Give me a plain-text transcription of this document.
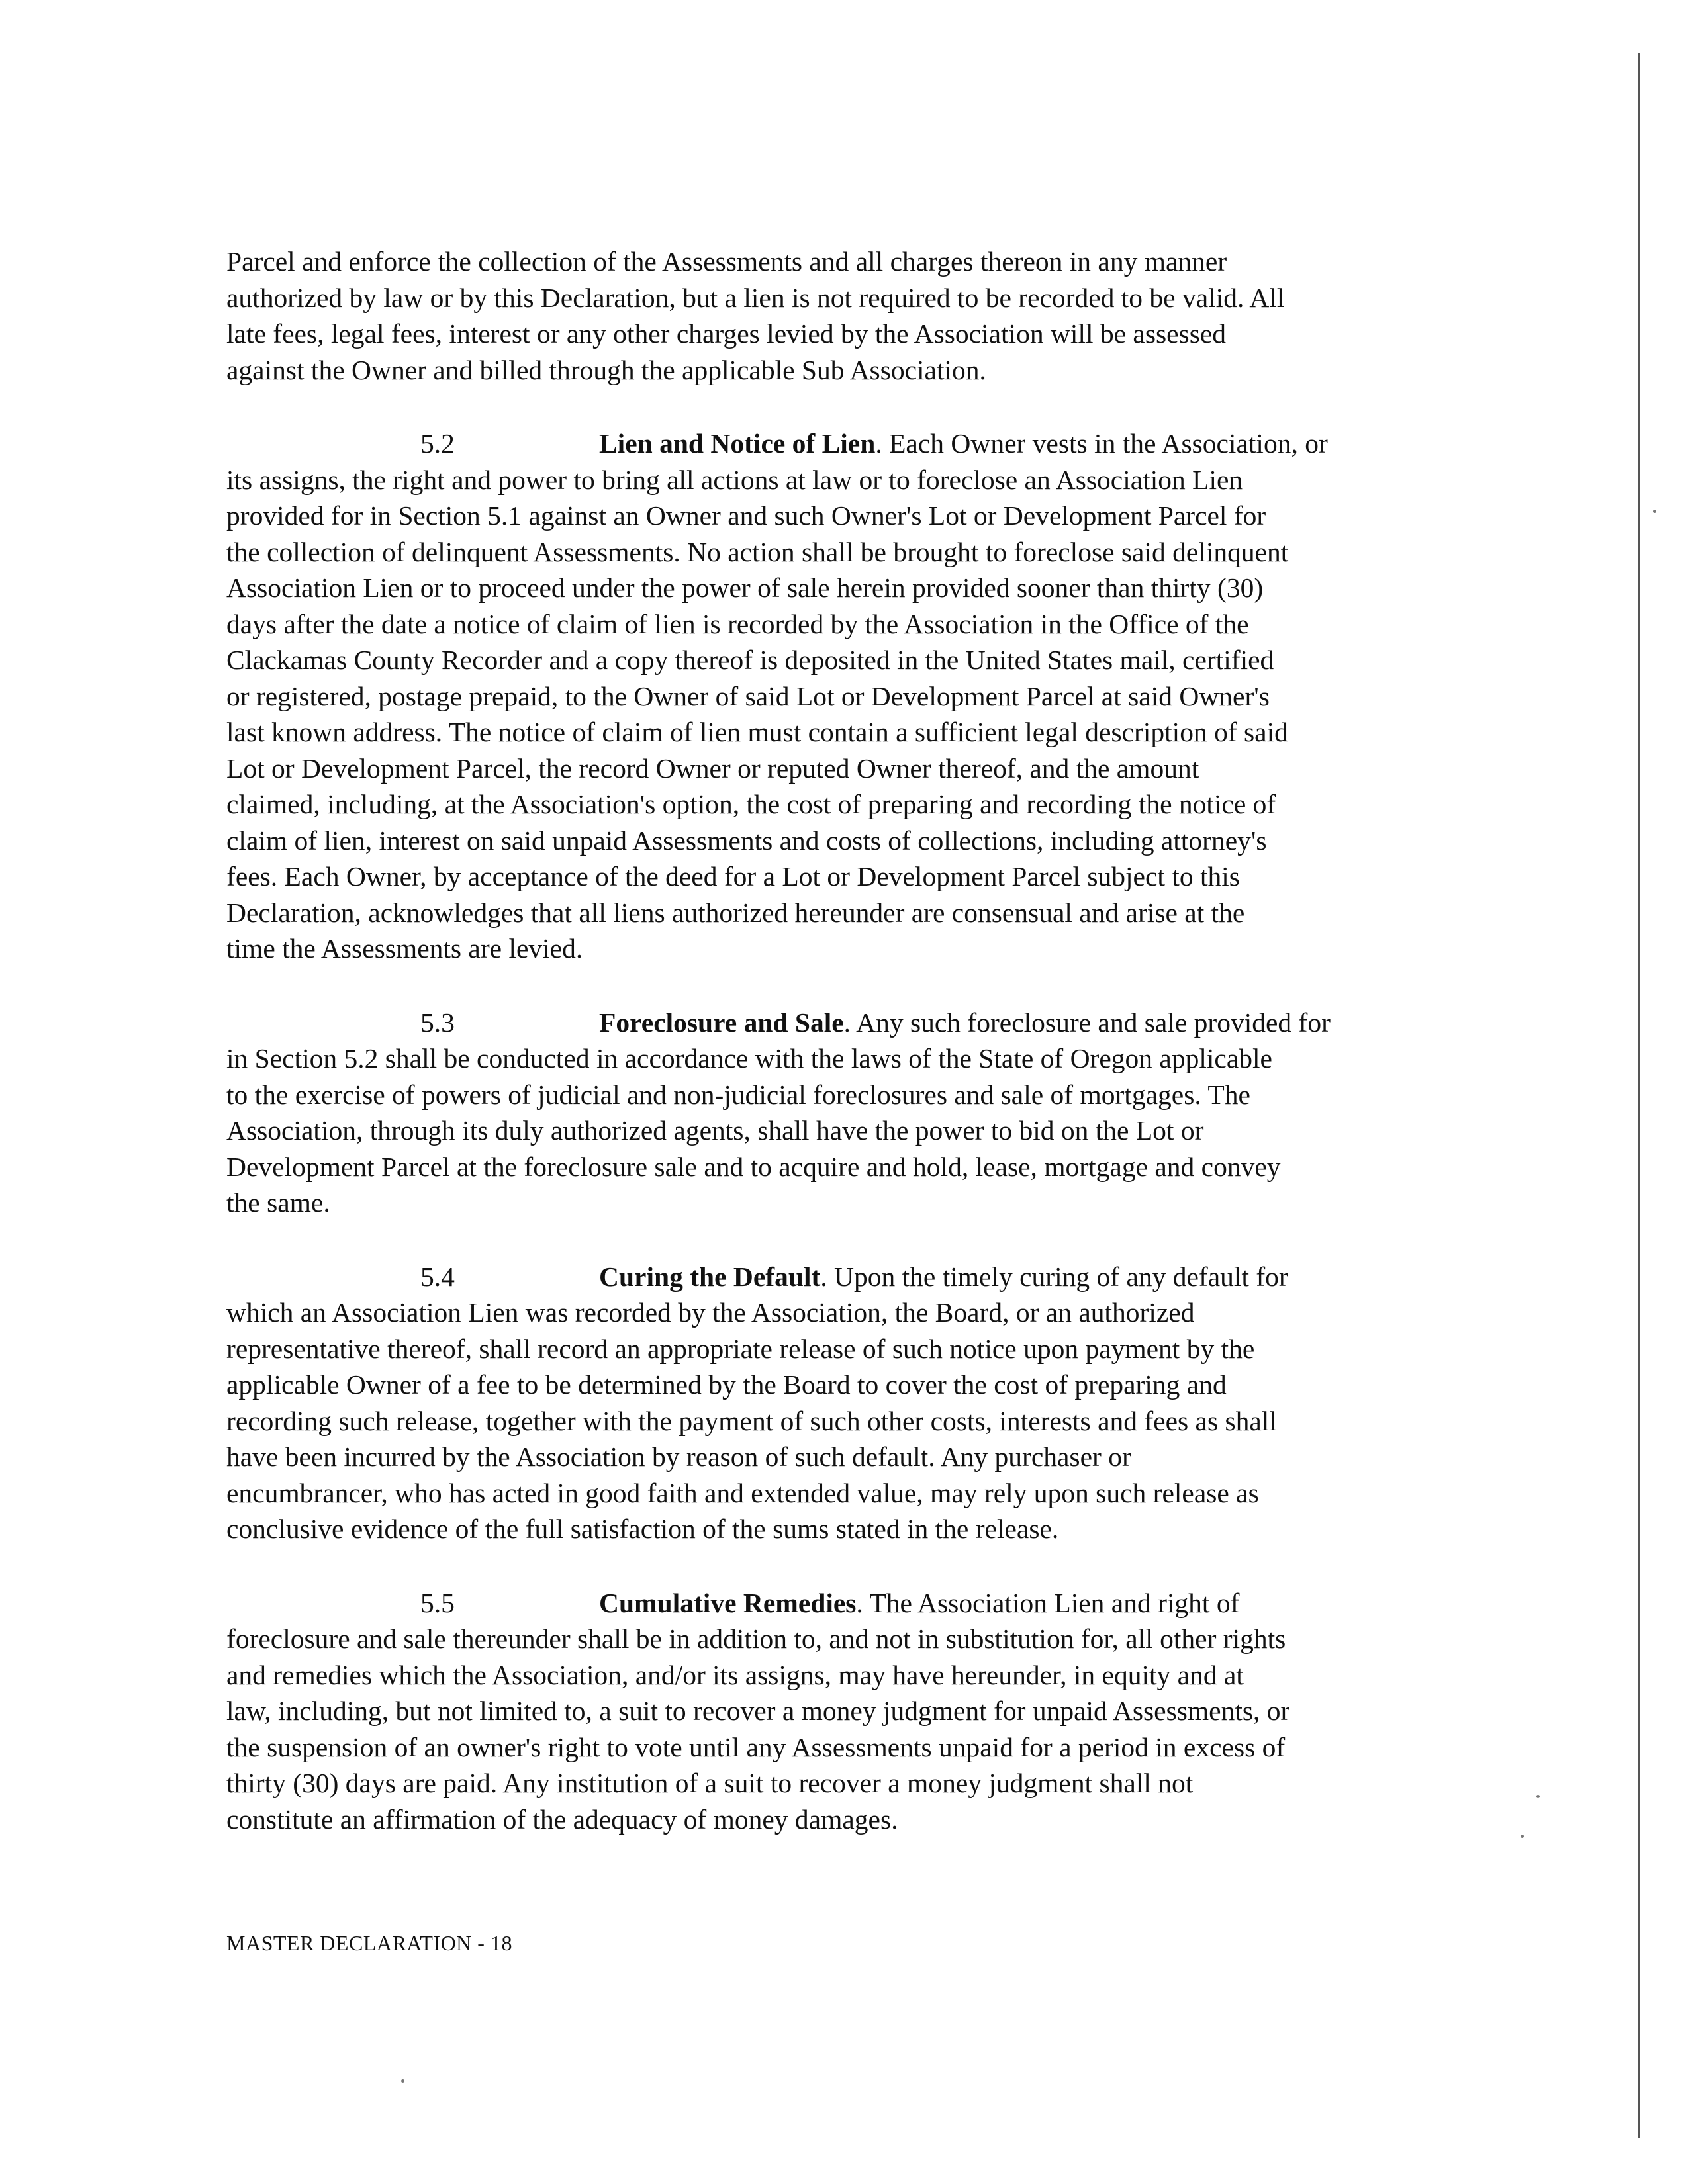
Parcel and enforce the collection of the Assessments and all charges thereon in any manner
authorized by law or by this Declaration, but a lien is not required to be recorded to be valid. All
late fees, legal fees, interest or any other charges levied by the Association will be assessed
against the Owner and billed through the applicable Sub Association.

5.2	Lien and Notice of Lien. Each Owner vests in the Association, or
its assigns, the right and power to bring all actions at law or to foreclose an Association Lien
provided for in Section 5.1 against an Owner and such Owner's Lot or Development Parcel for
the collection of delinquent Assessments. No action shall be brought to foreclose said delinquent
Association Lien or to proceed under the power of sale herein provided sooner than thirty (30)
days after the date a notice of claim of lien is recorded by the Association in the Office of the
Clackamas County Recorder and a copy thereof is deposited in the United States mail, certified
or registered, postage prepaid, to the Owner of said Lot or Development Parcel at said Owner's
last known address. The notice of claim of lien must contain a sufficient legal description of said
Lot or Development Parcel, the record Owner or reputed Owner thereof, and the amount
claimed, including, at the Association's option, the cost of preparing and recording the notice of
claim of lien, interest on said unpaid Assessments and costs of collections, including attorney's
fees. Each Owner, by acceptance of the deed for a Lot or Development Parcel subject to this
Declaration, acknowledges that all liens authorized hereunder are consensual and arise at the
time the Assessments are levied.

5.3	Foreclosure and Sale. Any such foreclosure and sale provided for
in Section 5.2 shall be conducted in accordance with the laws of the State of Oregon applicable
to the exercise of powers of judicial and non-judicial foreclosures and sale of mortgages. The
Association, through its duly authorized agents, shall have the power to bid on the Lot or
Development Parcel at the foreclosure sale and to acquire and hold, lease, mortgage and convey
the same.

5.4	Curing the Default. Upon the timely curing of any default for
which an Association Lien was recorded by the Association, the Board, or an authorized
representative thereof, shall record an appropriate release of such notice upon payment by the
applicable Owner of a fee to be determined by the Board to cover the cost of preparing and
recording such release, together with the payment of such other costs, interests and fees as shall
have been incurred by the Association by reason of such default. Any purchaser or
encumbrancer, who has acted in good faith and extended value, may rely upon such release as
conclusive evidence of the full satisfaction of the sums stated in the release.

5.5	Cumulative Remedies. The Association Lien and right of
foreclosure and sale thereunder shall be in addition to, and not in substitution for, all other rights
and remedies which the Association, and/or its assigns, may have hereunder, in equity and at
law, including, but not limited to, a suit to recover a money judgment for unpaid Assessments, or
the suspension of an owner's right to vote until any Assessments unpaid for a period in excess of
thirty (30) days are paid. Any institution of a suit to recover a money judgment shall not
constitute an affirmation of the adequacy of money damages.

MASTER DECLARATION - 18
